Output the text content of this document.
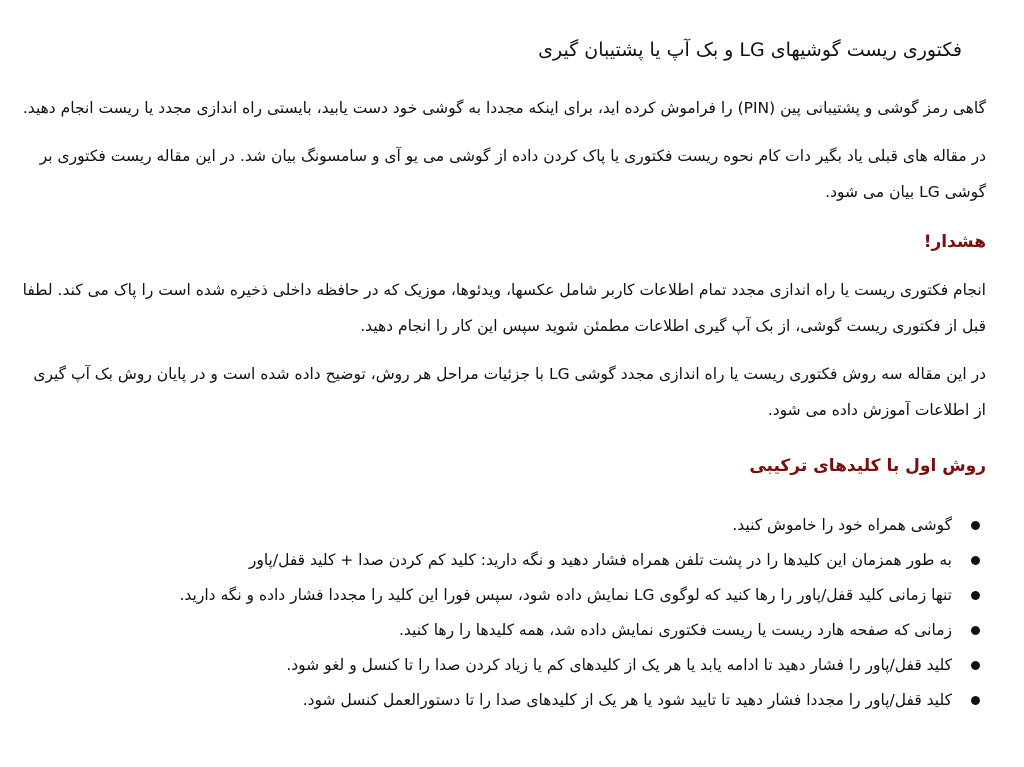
فکتوری ریست گوشیهای LG و بک آپ یا پشتیبان گیری

گاهی رمز گوشی و پشتیبانی پین (PIN) را فراموش کرده اید، برای اینکه مجددا به گوشی خود دست یابید، بایستی راه اندازی مجدد یا ریست انجام دهید.

در مقاله های قبلی یاد بگیر دات کام نحوه ریست فکتوری یا پاک کردن داده از گوشی می یو آی و سامسونگ بیان شد. در این مقاله ریست فکتوری بر گوشی LG بیان می شود.

هشدار!

انجام فکتوری ریست یا راه اندازی مجدد تمام اطلاعات کاربر شامل عکسها، ویدئوها، موزیک که در حافظه داخلی ذخیره شده است را پاک می کند. لطفا قبل از فکتوری ریست گوشی، از بک آپ گیری اطلاعات مطمئن شوید سپس این کار را انجام دهید.

در این مقاله سه روش فکتوری ریست یا راه اندازی مجدد گوشی LG با جزئیات مراحل هر روش، توضیح داده شده است و در پایان روش بک آپ گیری از اطلاعات آموزش داده می شود.

روش اول با کلیدهای ترکیبی
گوشی همراه خود را خاموش کنید.
به طور همزمان این کلیدها را در پشت تلفن همراه فشار دهید و نگه دارید: کلید کم کردن صدا + کلید قفل/پاور
تنها زمانی کلید قفل/پاور را رها کنید که لوگوی LG نمایش داده شود، سپس فورا این کلید را مجددا فشار داده و نگه دارید.
زمانی که صفحه هارد ریست یا ریست فکتوری نمایش داده شد، همه کلیدها را رها کنید.
کلید قفل/پاور را فشار دهید تا ادامه یابد یا هر یک از کلیدهای کم یا زیاد کردن صدا را تا کنسل و لغو شود.
کلید قفل/پاور را مجددا فشار دهید تا تایید شود یا هر یک از کلیدهای صدا را تا دستورالعمل کنسل شود.
